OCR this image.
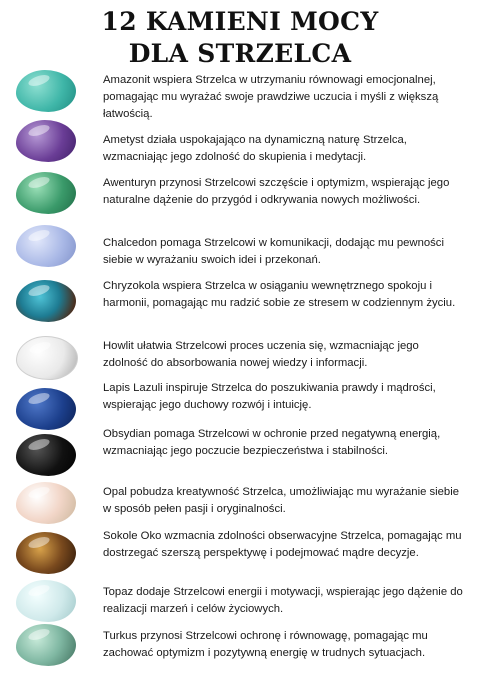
12 KAMIENI MOCY
DLA STRZELCA
Amazonit wspiera Strzelca w utrzymaniu równowagi emocjonalnej, pomagając mu wyrażać swoje prawdziwe uczucia i myśli z większą łatwością.
Ametyst działa uspokajająco na dynamiczną naturę Strzelca, wzmacniając jego zdolność do skupienia i medytacji.
Awenturyn przynosi Strzelcowi szczęście i optymizm, wspierając jego naturalne dążenie do przygód i odkrywania nowych możliwości.
Chalcedon pomaga Strzelcowi w komunikacji, dodając mu pewności siebie w wyrażaniu swoich idei i przekonań.
Chryzokola wspiera Strzelca w osiąganiu wewnętrznego spokoju i harmonii, pomagając mu radzić sobie ze stresem w codziennym życiu.
Howlit ułatwia Strzelcowi proces uczenia się, wzmacniając jego zdolność do absorbowania nowej wiedzy i informacji.
Lapis Lazuli inspiruje Strzelca do poszukiwania prawdy i mądrości, wspierając jego duchowy rozwój i intuicję.
Obsydian pomaga Strzelcowi w ochronie przed negatywną energią, wzmacniając jego poczucie bezpieczeństwa i stabilności.
Opal pobudza kreatywność Strzelca, umożliwiając mu wyrażanie siebie w sposób pełen pasji i oryginalności.
Sokole Oko wzmacnia zdolności obserwacyjne Strzelca, pomagając mu dostrzegać szerszą perspektywę i podejmować mądre decyzje.
Topaz dodaje Strzelcowi energii i motywacji, wspierając jego dążenie do realizacji marzeń i celów życiowych.
Turkus przynosi Strzelcowi ochronę i równowagę, pomagając mu zachować optymizm i pozytywną energię w trudnych sytuacjach.
